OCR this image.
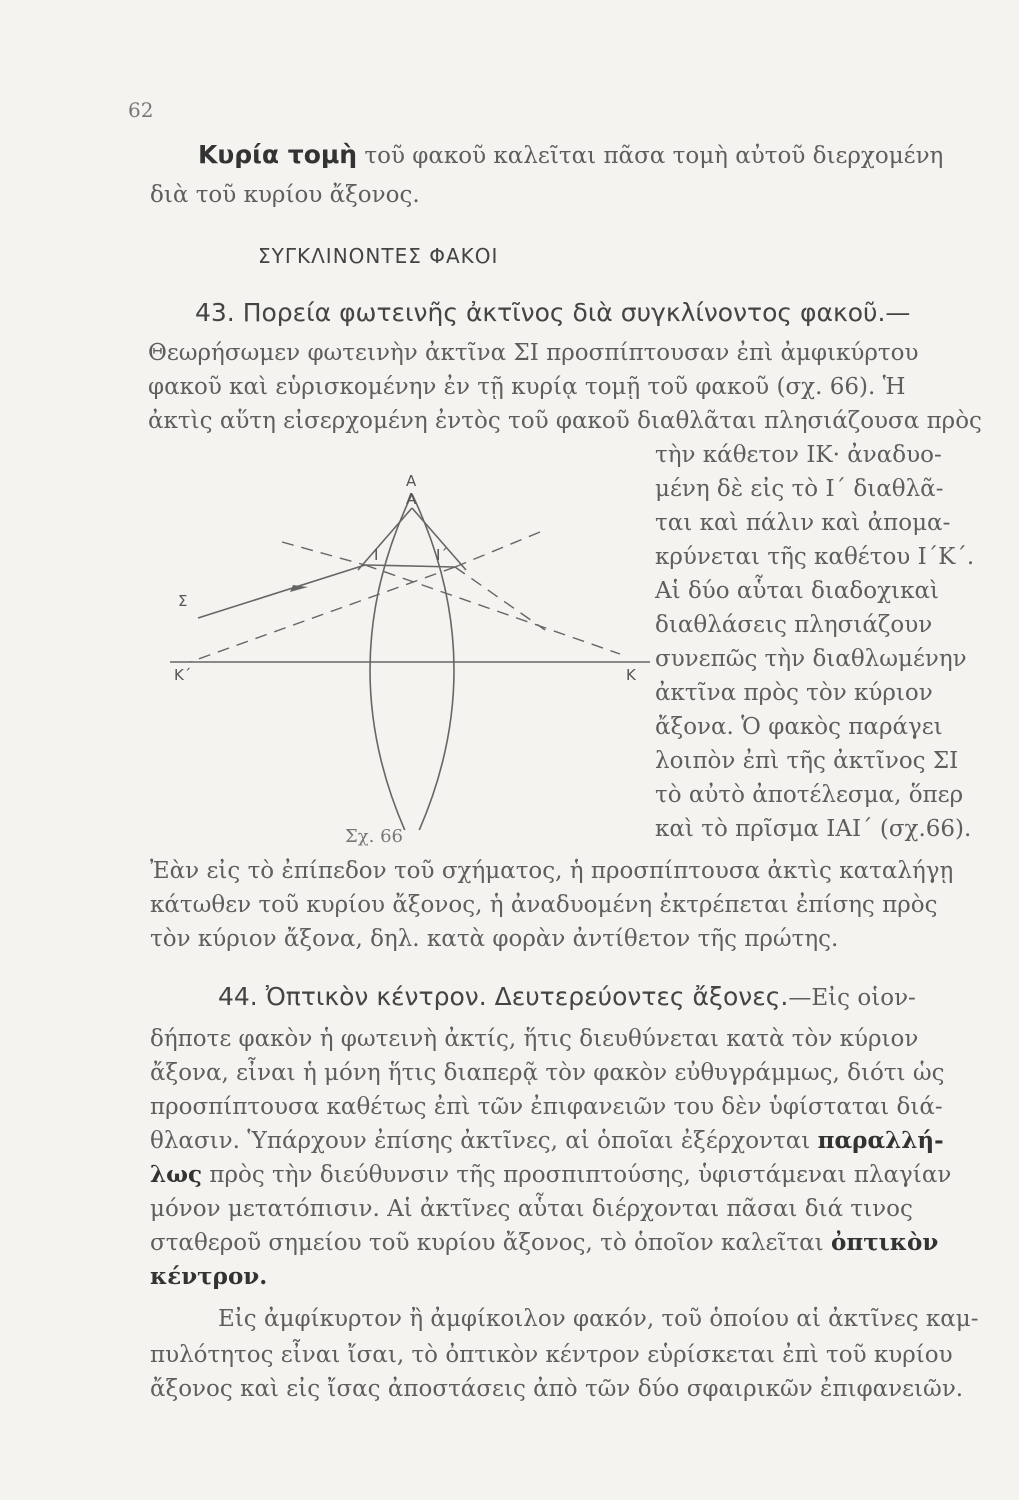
62
Κυρία τομὴ τοῦ φακοῦ καλεῖται πᾶσα τομὴ αὐτοῦ διερχομένη
διὰ τοῦ κυρίου ἄξονος.
ΣΥΓΚΛΙΝΟΝΤΕΣ ΦΑΚΟΙ
43. Πορεία φωτεινῆς ἀκτῖνος διὰ συγκλίνοντος φακοῦ.—
Θεωρήσωμεν φωτεινὴν ἀκτῖνα ΣΙ προσπίπτουσαν ἐπὶ ἀμφικύρτου
φακοῦ καὶ εὑρισκομένην ἐν τῇ κυρίᾳ τομῇ τοῦ φακοῦ (σχ. 66). Ἡ
ἀκτὶς αὕτη εἰσερχομένη ἐντὸς τοῦ φακοῦ διαθλᾶται πλησιάζουσα πρὸς
τὴν κάθετον ΙΚ· ἀναδυο-
μένη δὲ εἰς τὸ Ι΄ διαθλᾶ-
ται καὶ πάλιν καὶ ἀπομα-
κρύνεται τῆς καθέτου Ι΄Κ΄.
Αἱ δύο αὗται διαδοχικαὶ
διαθλάσεις πλησιάζουν
συνεπῶς τὴν διαθλωμένην
ἀκτῖνα πρὸς τὸν κύριον
ἄξονα. Ὁ φακὸς παράγει
λοιπὸν ἐπὶ τῆς ἀκτῖνος ΣΙ
τὸ αὐτὸ ἀποτέλεσμα, ὅπερ
καὶ τὸ πρῖσμα ΙΑΙ΄ (σχ.66).
A
A
I	I΄
Σ
K΄	K
Σχ. 66
Ἐὰν εἰς τὸ ἐπίπεδον τοῦ σχήματος, ἡ προσπίπτουσα ἀκτὶς καταλήγῃ
κάτωθεν τοῦ κυρίου ἄξονος, ἡ ἀναδυομένη ἐκτρέπεται ἐπίσης πρὸς
τὸν κύριον ἄξονα, δηλ. κατὰ φορὰν ἀντίθετον τῆς πρώτης.
44. Ὀπτικὸν κέντρον. Δευτερεύοντες ἄξονες.—Εἰς οἱον-
δήποτε φακὸν ἡ φωτεινὴ ἀκτίς, ἥτις διευθύνεται κατὰ τὸν κύριον
ἄξονα, εἶναι ἡ μόνη ἥτις διαπερᾷ τὸν φακὸν εὐθυγράμμως, διότι ὡς
προσπίπτουσα καθέτως ἐπὶ τῶν ἐπιφανειῶν του δὲν ὑφίσταται διά-
θλασιν. Ὑπάρχουν ἐπίσης ἀκτῖνες, αἱ ὁποῖαι ἐξέρχονται παραλλή-
λως πρὸς τὴν διεύθυνσιν τῆς προσπιπτούσης, ὑφιστάμεναι πλαγίαν
μόνον μετατόπισιν. Αἱ ἀκτῖνες αὗται διέρχονται πᾶσαι διά τινος
σταθεροῦ σημείου τοῦ κυρίου ἄξονος, τὸ ὁποῖον καλεῖται ὀπτικὸν
κέντρον.
Εἰς ἀμφίκυρτον ἢ ἀμφίκοιλον φακόν, τοῦ ὁποίου αἱ ἀκτῖνες καμ-
πυλότητος εἶναι ἴσαι, τὸ ὀπτικὸν κέντρον εὑρίσκεται ἐπὶ τοῦ κυρίου
ἄξονος καὶ εἰς ἴσας ἀποστάσεις ἀπὸ τῶν δύο σφαιρικῶν ἐπιφανειῶν.
